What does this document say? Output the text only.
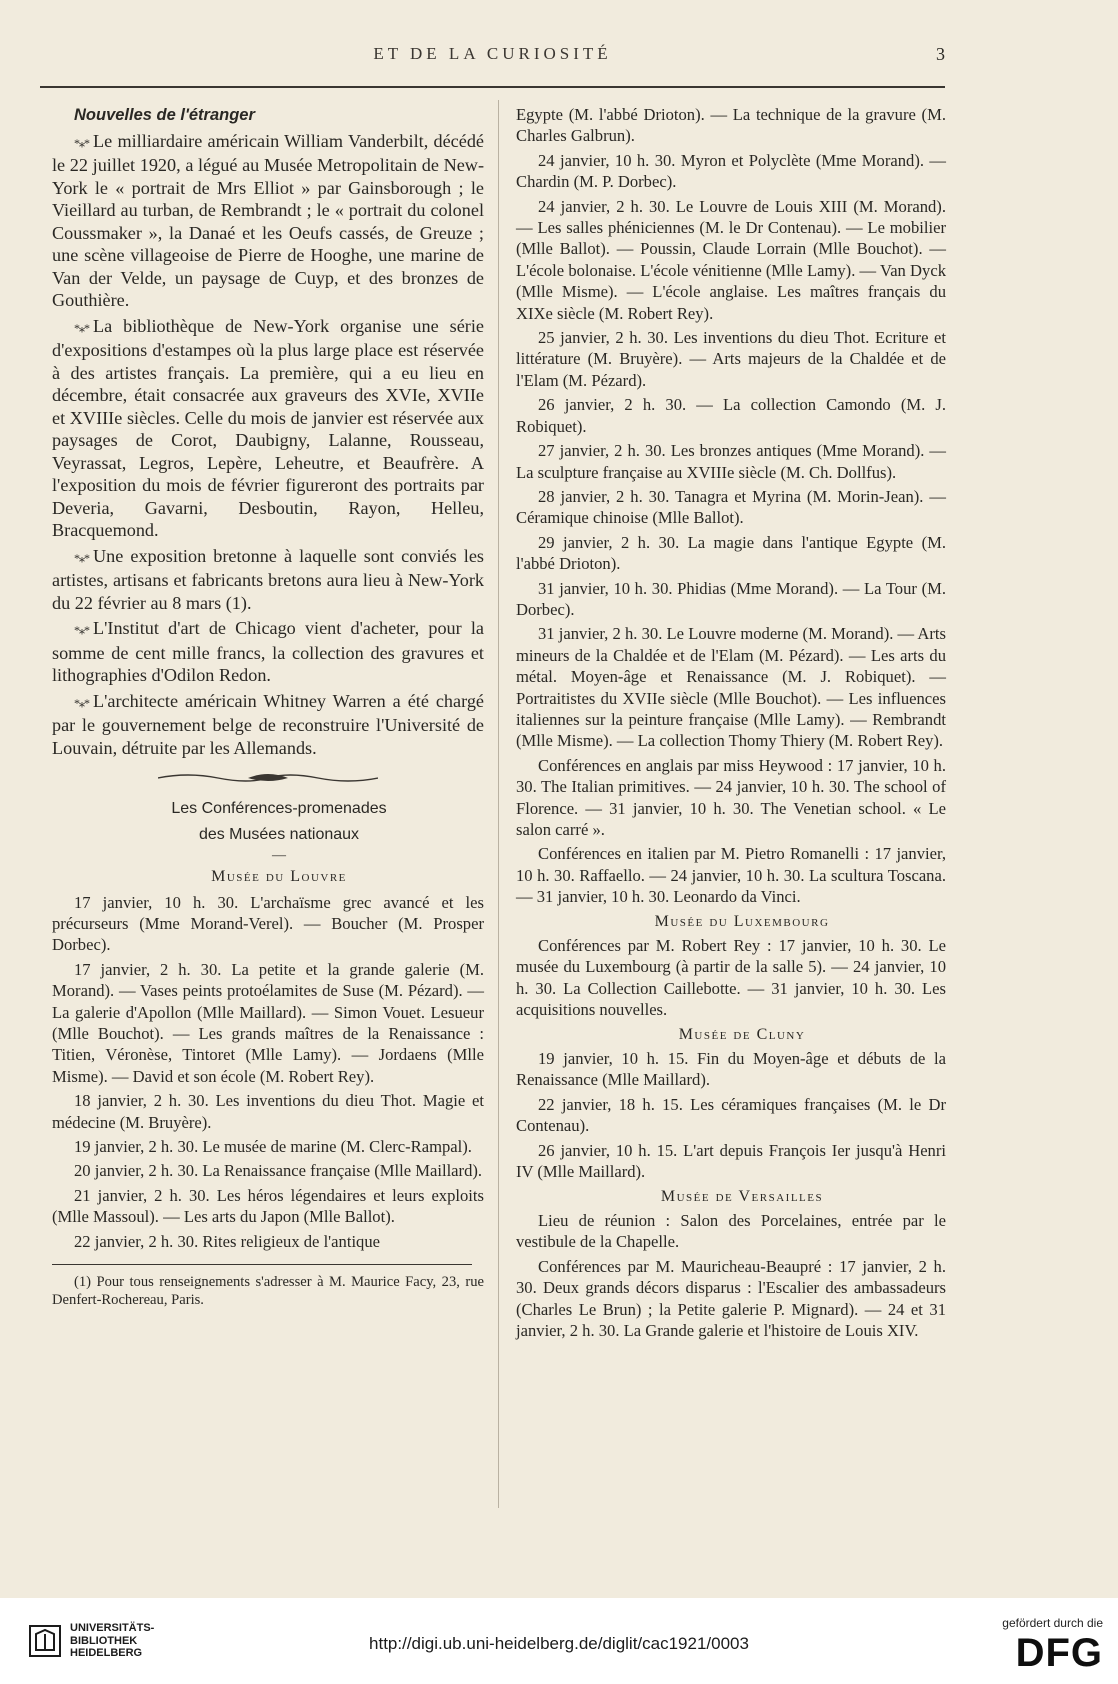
ET DE LA CURIOSITÉ	3

Nouvelles de l'étranger

*⁎* Le milliardaire américain William Vanderbilt, décédé le 22 juillet 1920, a légué au Musée Metropolitain de New-York le « portrait de Mrs Elliot » par Gainsborough ; le Vieillard au turban, de Rembrandt ; le « portrait du colonel Coussmaker », la Danaé et les Oeufs cassés, de Greuze ; une scène villageoise de Pierre de Hooghe, une marine de Van der Velde, un paysage de Cuyp, et des bronzes de Gouthière.

*⁎* La bibliothèque de New-York organise une série d'expositions d'estampes où la plus large place est réservée à des artistes français. La première, qui a eu lieu en décembre, était consacrée aux graveurs des XVIe, XVIIe et XVIIIe siècles. Celle du mois de janvier est réservée aux paysages de Corot, Daubigny, Lalanne, Rousseau, Veyrassat, Legros, Lepère, Leheutre, et Beaufrère. A l'exposition du mois de février figureront des portraits par Deveria, Gavarni, Desboutin, Rayon, Helleu, Bracquemond.

*⁎* Une exposition bretonne à laquelle sont conviés les artistes, artisans et fabricants bretons aura lieu à New-York du 22 février au 8 mars (1).

*⁎* L'Institut d'art de Chicago vient d'acheter, pour la somme de cent mille francs, la collection des gravures et lithographies d'Odilon Redon.

*⁎* L'architecte américain Whitney Warren a été chargé par le gouvernement belge de reconstruire l'Université de Louvain, détruite par les Allemands.

Les Conférences-promenades

des Musées nationaux

—

Musée du Louvre

17 janvier, 10 h. 30. L'archaïsme grec avancé et les précurseurs (Mme Morand-Verel). — Boucher (M. Prosper Dorbec).

17 janvier, 2 h. 30. La petite et la grande galerie (M. Morand). — Vases peints protoélamites de Suse (M. Pézard). — La galerie d'Apollon (Mlle Maillard). — Simon Vouet. Lesueur (Mlle Bouchot). — Les grands maîtres de la Renaissance : Titien, Véronèse, Tintoret (Mlle Lamy). — Jordaens (Mlle Misme). — David et son école (M. Robert Rey).

18 janvier, 2 h. 30. Les inventions du dieu Thot. Magie et médecine (M. Bruyère).

19 janvier, 2 h. 30. Le musée de marine (M. Clerc-Rampal).

20 janvier, 2 h. 30. La Renaissance française (Mlle Maillard).

21 janvier, 2 h. 30. Les héros légendaires et leurs exploits (Mlle Massoul). — Les arts du Japon (Mlle Ballot).

22 janvier, 2 h. 30. Rites religieux de l'antique

(1) Pour tous renseignements s'adresser à M. Maurice Facy, 23, rue Denfert-Rochereau, Paris.

Egypte (M. l'abbé Drioton). — La technique de la gravure (M. Charles Galbrun).

24 janvier, 10 h. 30. Myron et Polyclète (Mme Morand). — Chardin (M. P. Dorbec).

24 janvier, 2 h. 30. Le Louvre de Louis XIII (M. Morand). — Les salles phéniciennes (M. le Dr Contenau). — Le mobilier (Mlle Ballot). — Poussin, Claude Lorrain (Mlle Bouchot). — L'école bolonaise. L'école vénitienne (Mlle Lamy). — Van Dyck (Mlle Misme). — L'école anglaise. Les maîtres français du XIXe siècle (M. Robert Rey).

25 janvier, 2 h. 30. Les inventions du dieu Thot. Ecriture et littérature (M. Bruyère). — Arts majeurs de la Chaldée et de l'Elam (M. Pézard).

26 janvier, 2 h. 30. — La collection Camondo (M. J. Robiquet).

27 janvier, 2 h. 30. Les bronzes antiques (Mme Morand). — La sculpture française au XVIIIe siècle (M. Ch. Dollfus).

28 janvier, 2 h. 30. Tanagra et Myrina (M. Morin-Jean). — Céramique chinoise (Mlle Ballot).

29 janvier, 2 h. 30. La magie dans l'antique Egypte (M. l'abbé Drioton).

31 janvier, 10 h. 30. Phidias (Mme Morand). — La Tour (M. Dorbec).

31 janvier, 2 h. 30. Le Louvre moderne (M. Morand). — Arts mineurs de la Chaldée et de l'Elam (M. Pézard). — Les arts du métal. Moyen-âge et Renaissance (M. J. Robiquet). — Portraitistes du XVIIe siècle (Mlle Bouchot). — Les influences italiennes sur la peinture française (Mlle Lamy). — Rembrandt (Mlle Misme). — La collection Thomy Thiery (M. Robert Rey).

Conférences en anglais par miss Heywood : 17 janvier, 10 h. 30. The Italian primitives. — 24 janvier, 10 h. 30. The school of Florence. — 31 janvier, 10 h. 30. The Venetian school. « Le salon carré ».

Conférences en italien par M. Pietro Romanelli : 17 janvier, 10 h. 30. Raffaello. — 24 janvier, 10 h. 30. La scultura Toscana. — 31 janvier, 10 h. 30. Leonardo da Vinci.

Musée du Luxembourg

Conférences par M. Robert Rey : 17 janvier, 10 h. 30. Le musée du Luxembourg (à partir de la salle 5). — 24 janvier, 10 h. 30. La Collection Caillebotte. — 31 janvier, 10 h. 30. Les acquisitions nouvelles.

Musée de Cluny

19 janvier, 10 h. 15. Fin du Moyen-âge et débuts de la Renaissance (Mlle Maillard).

22 janvier, 18 h. 15. Les céramiques françaises (M. le Dr Contenau).

26 janvier, 10 h. 15. L'art depuis François Ier jusqu'à Henri IV (Mlle Maillard).

Musée de Versailles

Lieu de réunion : Salon des Porcelaines, entrée par le vestibule de la Chapelle.

Conférences par M. Mauricheau-Beaupré : 17 janvier, 2 h. 30. Deux grands décors disparus : l'Escalier des ambassadeurs (Charles Le Brun) ; la Petite galerie P. Mignard). — 24 et 31 janvier, 2 h. 30. La Grande galerie et l'histoire de Louis XIV.

UNIVERSITÄTS-
BIBLIOTHEK
HEIDELBERG	http://digi.ub.uni-heidelberg.de/diglit/cac1921/0003
gefördert durch die
DFG
